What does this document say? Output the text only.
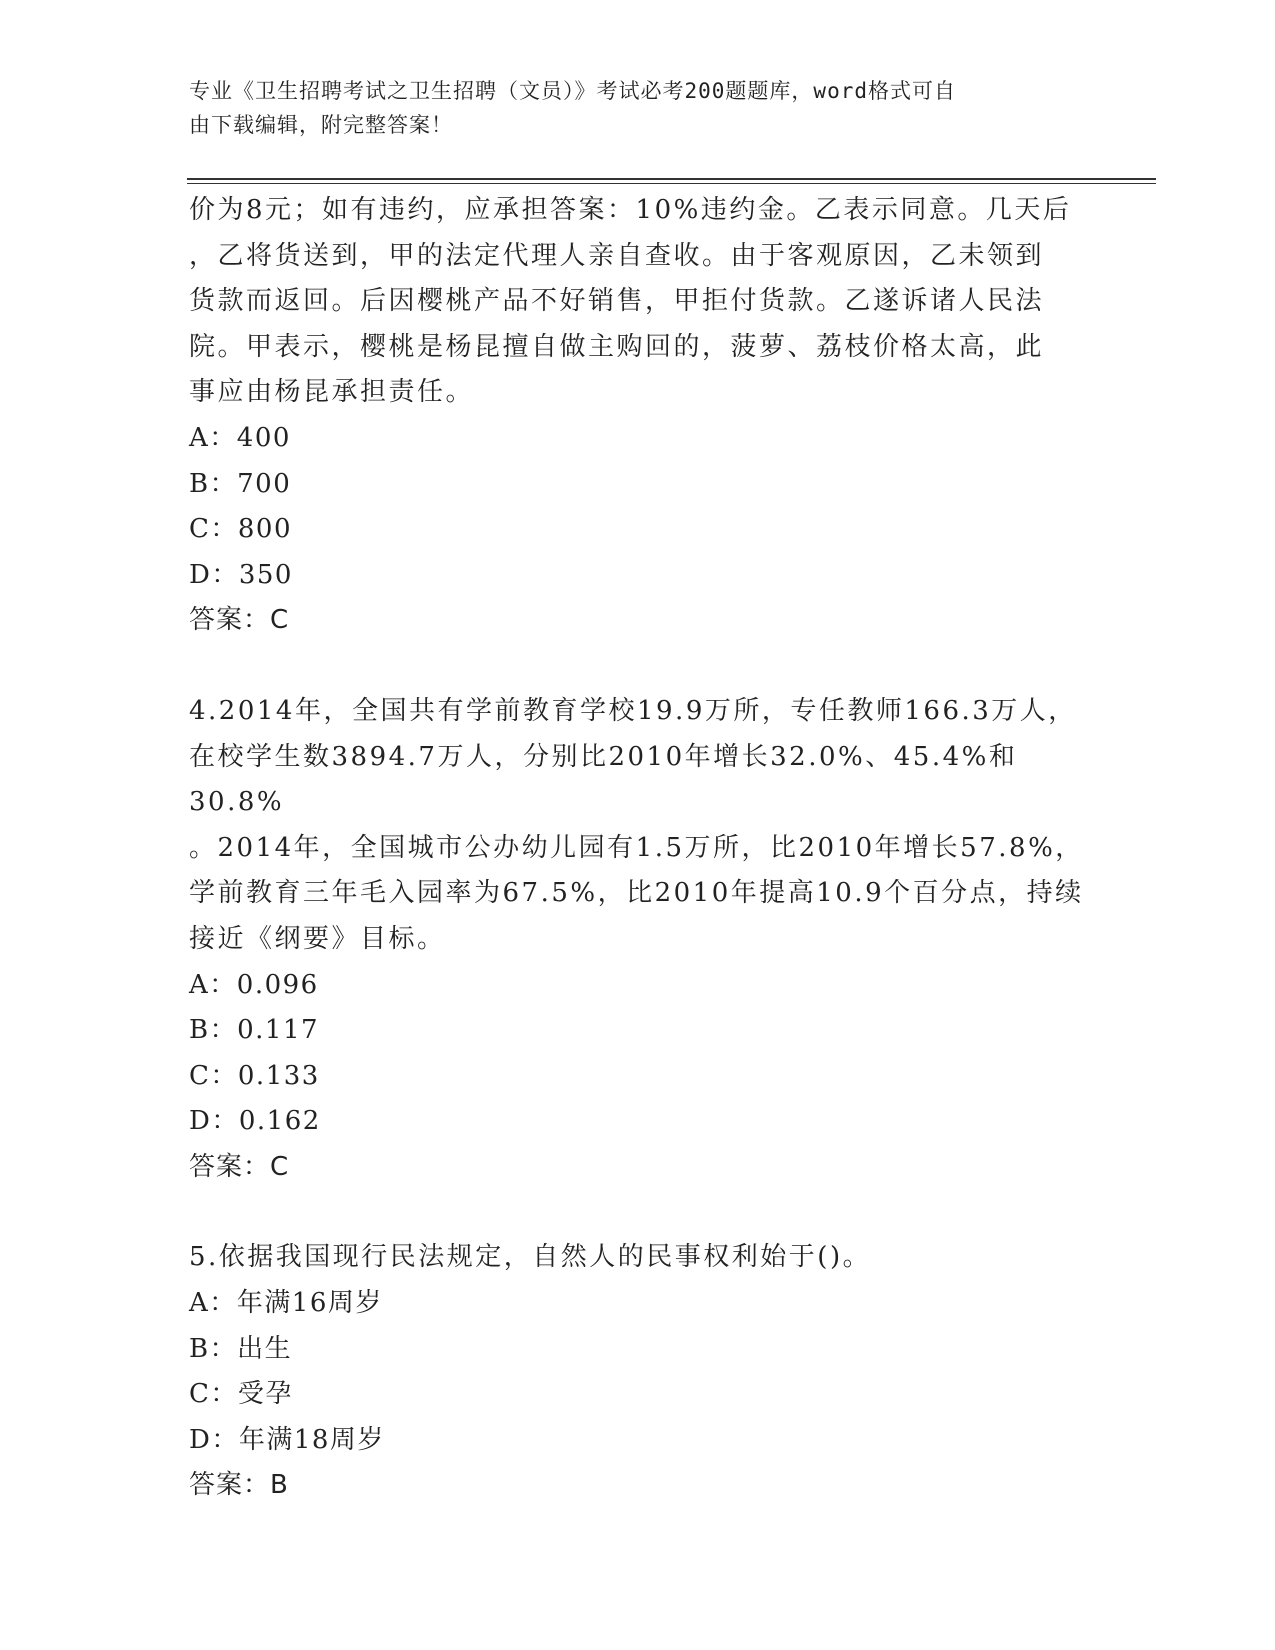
专业《卫生招聘考试之卫生招聘（文员）》考试必考200题题库，word格式可自
由下载编辑，附完整答案！

价为8元；如有违约，应承担答案：10%违约金。乙表示同意。几天后

，乙将货送到，甲的法定代理人亲自查收。由于客观原因，乙未领到

货款而返回。后因樱桃产品不好销售，甲拒付货款。乙遂诉诸人民法

院。甲表示，樱桃是杨昆擅自做主购回的，菠萝、荔枝价格太高，此

事应由杨昆承担责任。

A：400

B：700

C：800

D：350

答案：C

4.2014年，全国共有学前教育学校19.9万所，专任教师166.3万人，

在校学生数3894.7万人，分别比2010年增长32.0%、45.4%和30.8%

。2014年，全国城市公办幼儿园有1.5万所，比2010年增长57.8%，

学前教育三年毛入园率为67.5%，比2010年提高10.9个百分点，持续

接近《纲要》目标。

A：0.096

B：0.117

C：0.133

D：0.162

答案：C

5.依据我国现行民法规定，自然人的民事权利始于()。

A：年满16周岁

B：出生

C：受孕

D：年满18周岁

答案：B
